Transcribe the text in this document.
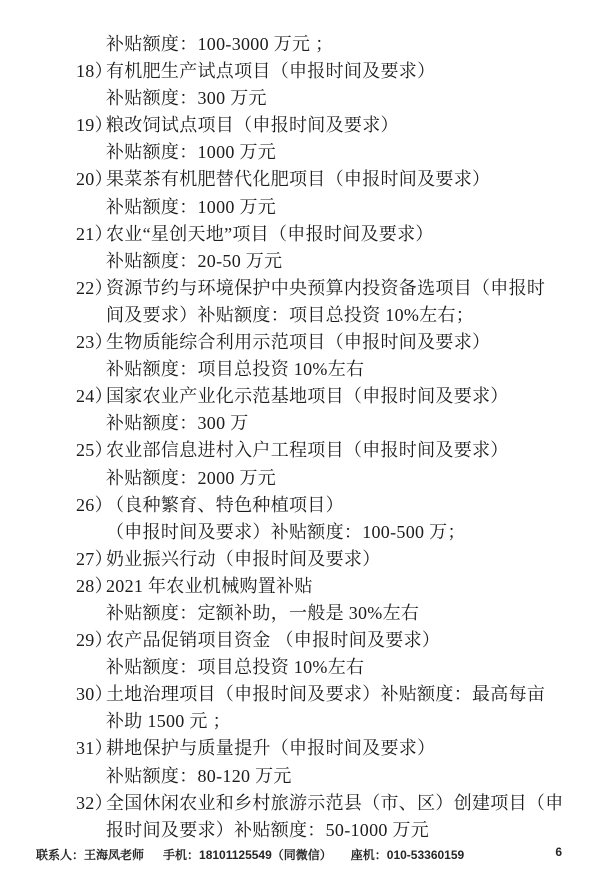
补贴额度：100-3000 万元 ；
18）
有机肥生产试点项目（申报时间及要求）
补贴额度：300 万元
19）
粮改饲试点项目（申报时间及要求）
补贴额度：1000 万元
20）
果菜茶有机肥替代化肥项目（申报时间及要求）
补贴额度：1000 万元
21）
农业“星创天地”项目（申报时间及要求）
补贴额度：20-50 万元
22）
资源节约与环境保护中央预算内投资备选项目（申报时
间及要求）补贴额度：项目总投资 10%左右；
23）
生物质能综合利用示范项目（申报时间及要求）
补贴额度：项目总投资 10%左右
24）
国家农业产业化示范基地项目（申报时间及要求）
补贴额度：300 万
25）
农业部信息进村入户工程项目（申报时间及要求）
补贴额度：2000 万元
26）
（良种繁育、特色种植项目）
（申报时间及要求）补贴额度：100-500 万；
27）
奶业振兴行动（申报时间及要求）
28）
2021 年农业机械购置补贴
补贴额度：定额补助，一般是 30%左右
29）
农产品促销项目资金 （申报时间及要求）
补贴额度：项目总投资 10%左右
30）
土地治理项目（申报时间及要求）补贴额度：最高每亩
补助 1500 元 ；
31）
耕地保护与质量提升（申报时间及要求）
补贴额度：80-120 万元
32）
全国休闲农业和乡村旅游示范县（市、区）创建项目（申
报时间及要求）补贴额度：50-1000 万元
联系人：王海凤老师 手机：18101125549（同微信） 座机：010-53360159	6
